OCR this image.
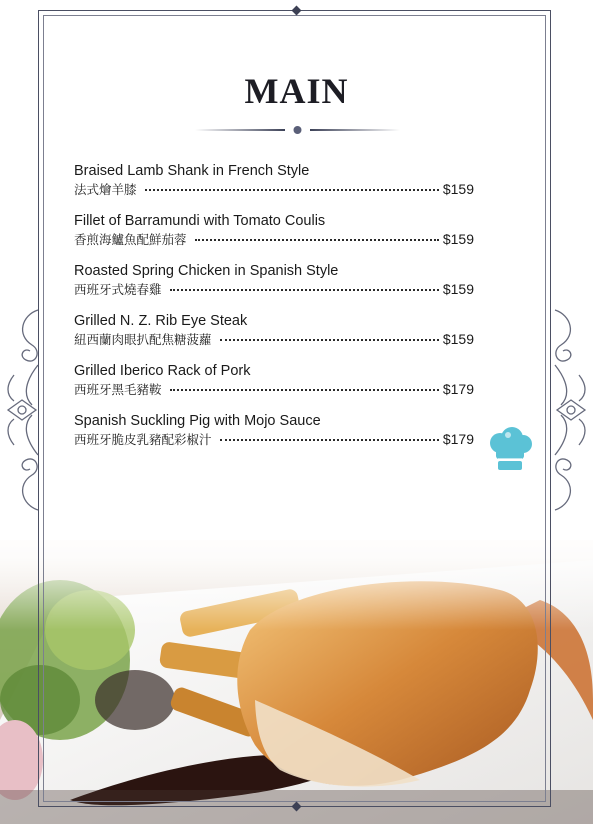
MAIN
Braised Lamb Shank in French Style
法式燴羊膝	$159
Fillet of Barramundi with Tomato Coulis
香煎海鱸魚配鮮茄蓉	$159
Roasted Spring Chicken in Spanish Style
西班牙式燒春雞	$159
Grilled N. Z. Rib Eye Steak
紐西蘭肉眼扒配焦糖菠蘿	$159
Grilled Iberico Rack of Pork
西班牙黑毛豬鞍	$179
Spanish Suckling Pig with Mojo Sauce
西班牙脆皮乳豬配彩椒汁	$179
